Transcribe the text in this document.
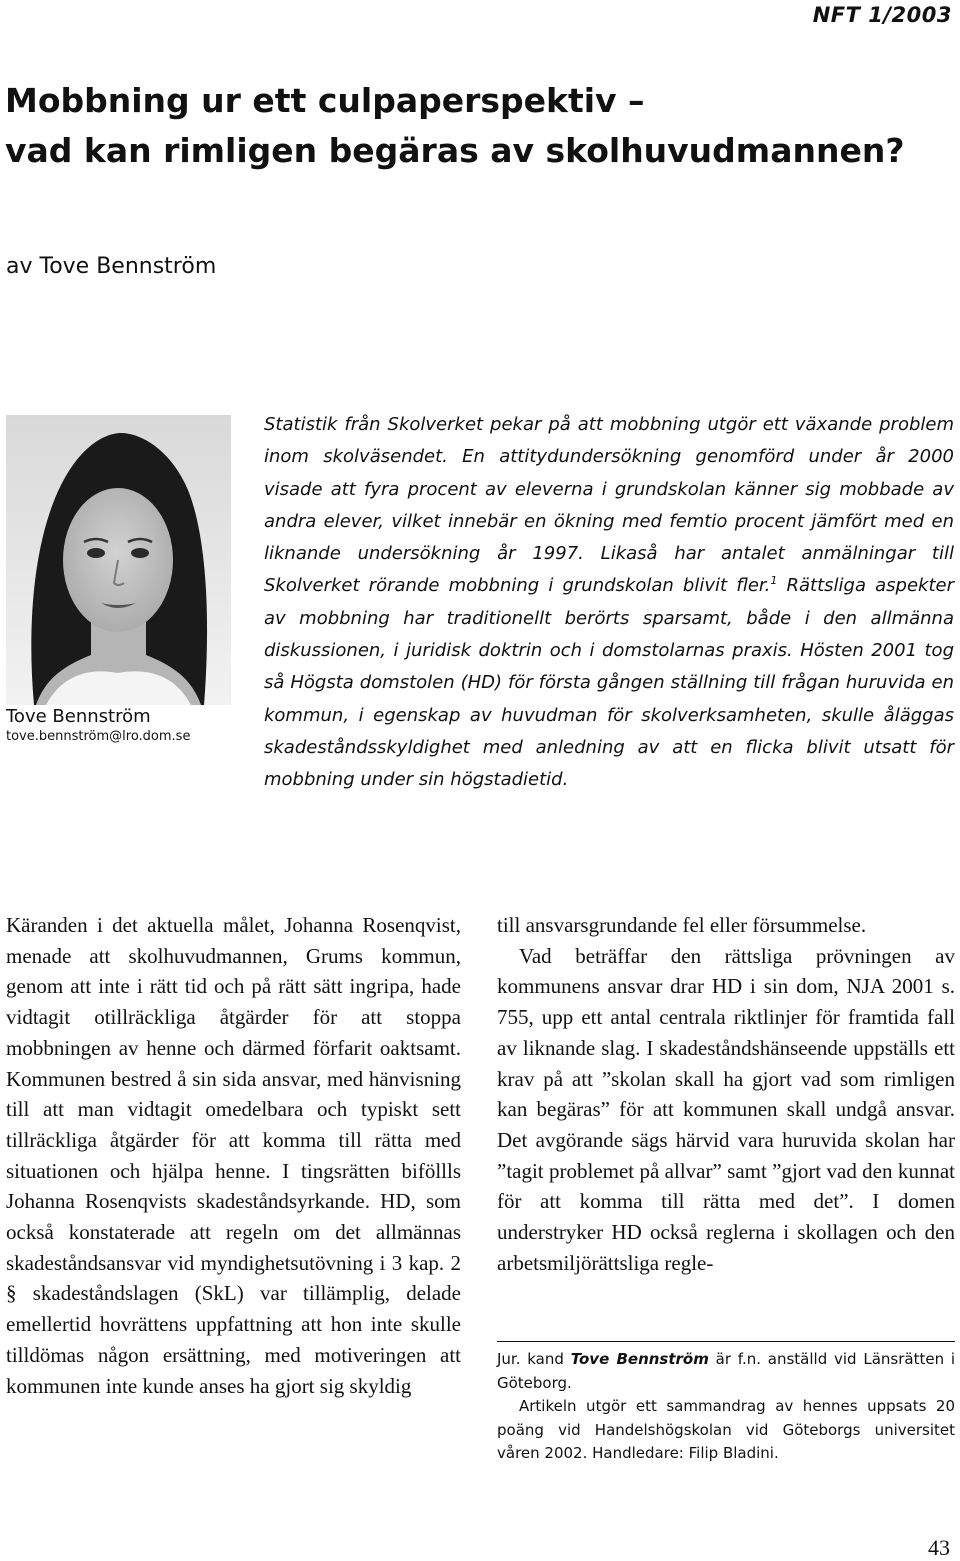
NFT 1/2003
Mobbning ur ett culpaperspektiv –
vad kan rimligen begäras av skolhuvudmannen?
av Tove Bennström
Tove Bennström
tove.bennström@lro.dom.se
Statistik från Skolverket pekar på att mobbning utgör ett växande problem inom skolväsendet. En attitydundersökning genomförd under år 2000 visade att fyra procent av eleverna i grundskolan känner sig mobbade av andra elever, vilket innebär en ökning med femtio procent jämfört med en liknande undersökning år 1997. Likaså har antalet anmälningar till Skolverket rörande mobbning i grundskolan blivit fler.$^1$ Rättsliga aspekter av mobbning har traditionellt berörts sparsamt, både i den allmänna diskussionen, i juridisk doktrin och i domstolarnas praxis. Hösten 2001 tog så Högsta domstolen (HD) för första gången ställning till frågan huruvida en kommun, i egenskap av huvudman för skolverksamheten, skulle åläggas skadeståndsskyldighet med anledning av att en flicka blivit utsatt för mobbning under sin högstadietid.

Käranden i det aktuella målet, Johanna Rosenqvist, menade att skolhuvudmannen, Grums kommun, genom att inte i rätt tid och på rätt sätt ingripa, hade vidtagit otillräckliga åtgärder för att stoppa mobbningen av henne och därmed förfarit oaktsamt. Kommunen bestred å sin sida ansvar, med hänvisning till att man vidtagit omedelbara och typiskt sett tillräckliga åtgärder för att komma till rätta med situationen och hjälpa henne. I tingsrätten biföllls Johanna Rosenqvists skadeståndsyrkande. HD, som också konstaterade att regeln om det allmännas skadeståndsansvar vid myndighetsutövning i 3 kap. 2 § skadeståndslagen (SkL) var tillämplig, delade emellertid hovrättens uppfattning att hon inte skulle tilldömas någon ersättning, med motiveringen att kommunen inte kunde anses ha gjort sig skyldig

till ansvarsgrundande fel eller försummelse.

Vad beträffar den rättsliga prövningen av kommunens ansvar drar HD i sin dom, NJA 2001 s. 755, upp ett antal centrala riktlinjer för framtida fall av liknande slag. I skadeståndshänseende uppställs ett krav på att ”skolan skall ha gjort vad som rimligen kan begäras” för att kommunen skall undgå ansvar. Det avgörande sägs härvid vara huruvida skolan har ”tagit problemet på allvar” samt ”gjort vad den kunnat för att komma till rätta med det”. I domen understryker HD också reglerna i skollagen och den arbetsmiljörättsliga regle-

Jur. kand Tove Bennström är f.n. anställd vid Länsrätten i Göteborg.

Artikeln utgör ett sammandrag av hennes uppsats 20 poäng vid Handelshögskolan vid Göteborgs universitet våren 2002. Handledare: Filip Bladini.

43
